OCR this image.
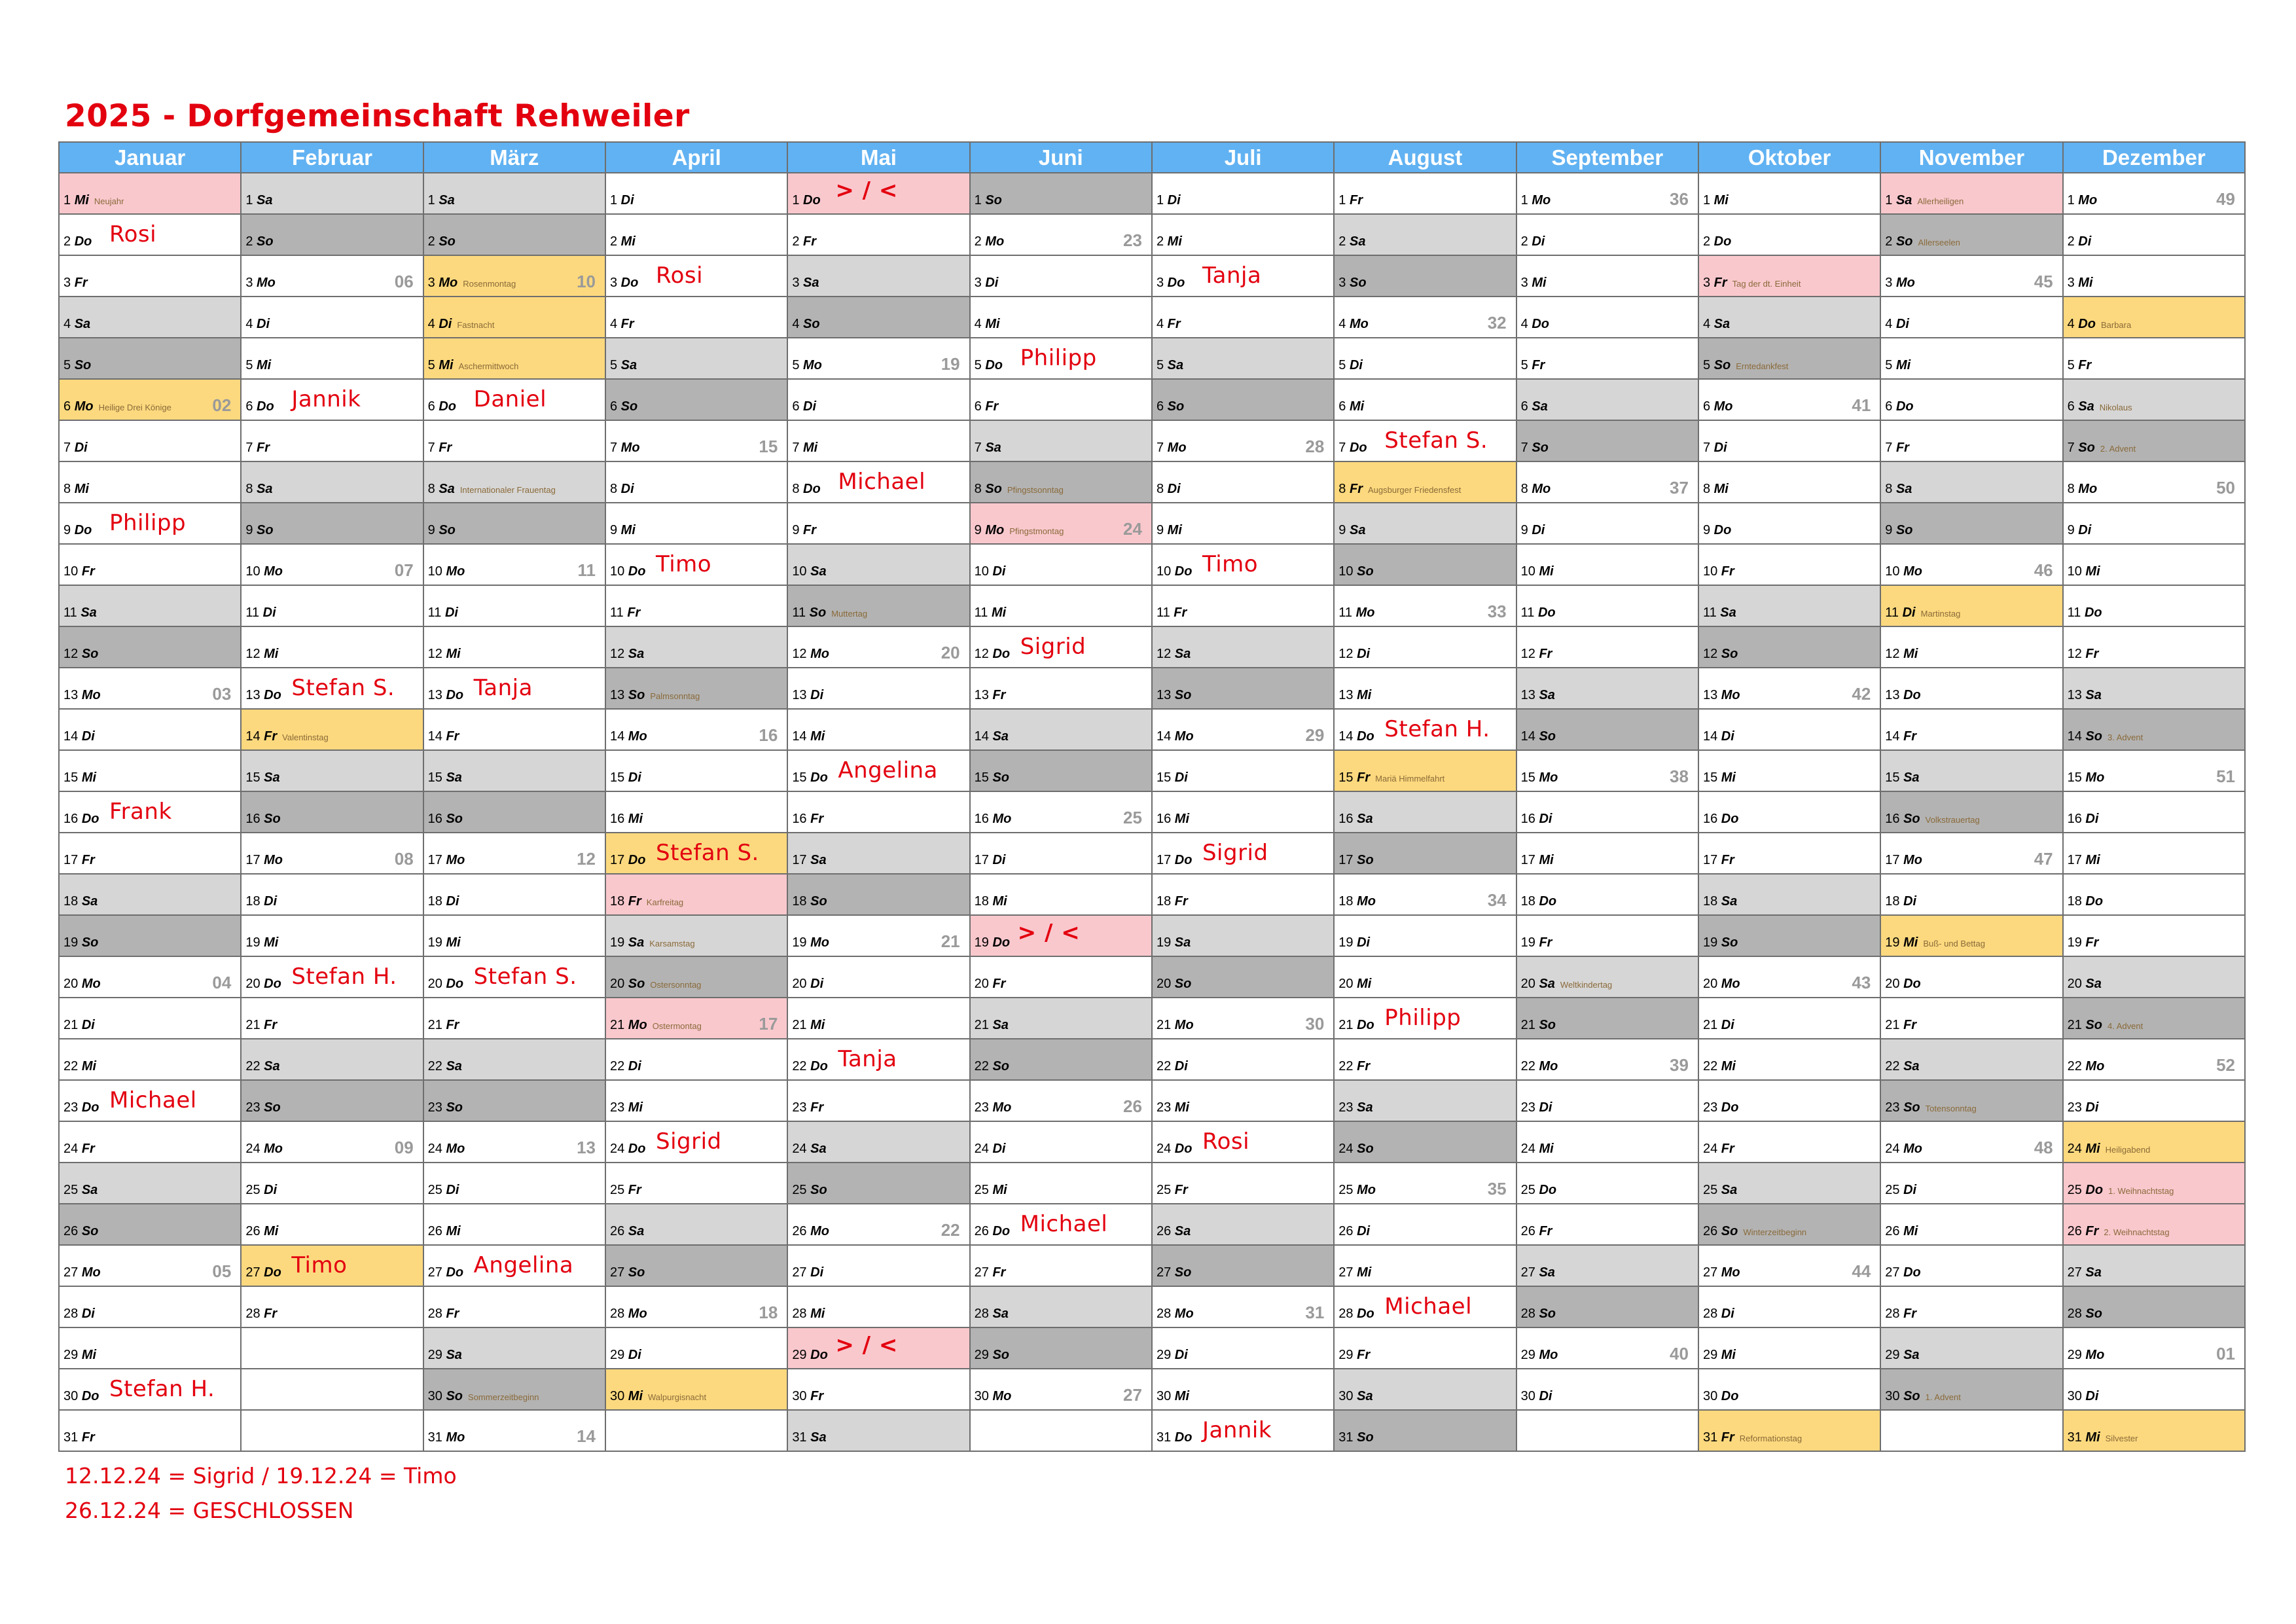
2025 - Dorfgemeinschaft Rehweiler
Januar	Februar	März	April	Mai	Juni	Juli	August	September	Oktober	November	Dezember

1 Mi Neujahr	1 Sa	1 Sa	1 Di	1 Do > / <	1 So	1 Di	1 Fr	1 Mo 36	1 Mi	1 Sa Allerheiligen	1 Mo 49

2 Do Rosi	2 So	2 So	2 Mi	2 Fr	2 Mo 23	2 Mi	2 Sa	2 Di	2 Do	2 So Allerseelen	2 Di

3 Fr	3 Mo 06	3 Mo Rosenmontag 10	3 Do Rosi	3 Sa	3 Di	3 Do Tanja	3 So	3 Mi	3 Fr Tag der dt. Einheit	3 Mo 45	3 Mi

4 Sa	4 Di	4 Di Fastnacht	4 Fr	4 So	4 Mi	4 Fr	4 Mo 32	4 Do	4 Sa	4 Di	4 Do Barbara

5 So	5 Mi	5 Mi Aschermittwoch	5 Sa	5 Mo 19	5 Do Philipp	5 Sa	5 Di	5 Fr	5 So Erntedankfest	5 Mi	5 Fr

6 Mo Heilige Drei Könige 02	6 Do Jannik	6 Do Daniel	6 So	6 Di	6 Fr	6 So	6 Mi	6 Sa	6 Mo 41	6 Do	6 Sa Nikolaus

7 Di	7 Fr	7 Fr	7 Mo 15	7 Mi	7 Sa	7 Mo 28	7 Do Stefan S.	7 So	7 Di	7 Fr	7 So 2. Advent

8 Mi	8 Sa	8 Sa Internationaler Frauentag	8 Di	8 Do Michael	8 So Pfingstsonntag	8 Di	8 Fr Augsburger Friedensfest	8 Mo 37	8 Mi	8 Sa	8 Mo 50

9 Do Philipp	9 So	9 So	9 Mi	9 Fr	9 Mo Pfingstmontag 24	9 Mi	9 Sa	9 Di	9 Do	9 So	9 Di

10 Fr	10 Mo 07	10 Mo 11	10 Do Timo	10 Sa	10 Di	10 Do Timo	10 So	10 Mi	10 Fr	10 Mo 46	10 Mi

11 Sa	11 Di	11 Di	11 Fr	11 So Muttertag	11 Mi	11 Fr	11 Mo 33	11 Do	11 Sa	11 Di Martinstag	11 Do

12 So	12 Mi	12 Mi	12 Sa	12 Mo 20	12 Do Sigrid	12 Sa	12 Di	12 Fr	12 So	12 Mi	12 Fr

13 Mo 03	13 Do Stefan S.	13 Do Tanja	13 So Palmsonntag	13 Di	13 Fr	13 So	13 Mi	13 Sa	13 Mo 42	13 Do	13 Sa

14 Di	14 Fr Valentinstag	14 Fr	14 Mo 16	14 Mi	14 Sa	14 Mo 29	14 Do Stefan H.	14 So	14 Di	14 Fr	14 So 3. Advent

15 Mi	15 Sa	15 Sa	15 Di	15 Do Angelina	15 So	15 Di	15 Fr Mariä Himmelfahrt	15 Mo 38	15 Mi	15 Sa	15 Mo 51

16 Do Frank	16 So	16 So	16 Mi	16 Fr	16 Mo 25	16 Mi	16 Sa	16 Di	16 Do	16 So Volkstrauertag	16 Di

17 Fr	17 Mo 08	17 Mo 12	17 Do Stefan S.	17 Sa	17 Di	17 Do Sigrid	17 So	17 Mi	17 Fr	17 Mo 47	17 Mi

18 Sa	18 Di	18 Di	18 Fr Karfreitag	18 So	18 Mi	18 Fr	18 Mo 34	18 Do	18 Sa	18 Di	18 Do

19 So	19 Mi	19 Mi	19 Sa Karsamstag	19 Mo 21	19 Do > / <	19 Sa	19 Di	19 Fr	19 So	19 Mi Buß- und Bettag	19 Fr

20 Mo 04	20 Do Stefan H.	20 Do Stefan S.	20 So Ostersonntag	20 Di	20 Fr	20 So	20 Mi	20 Sa Weltkindertag	20 Mo 43	20 Do	20 Sa

21 Di	21 Fr	21 Fr	21 Mo Ostermontag 17	21 Mi	21 Sa	21 Mo 30	21 Do Philipp	21 So	21 Di	21 Fr	21 So 4. Advent

22 Mi	22 Sa	22 Sa	22 Di	22 Do Tanja	22 So	22 Di	22 Fr	22 Mo 39	22 Mi	22 Sa	22 Mo 52

23 Do Michael	23 So	23 So	23 Mi	23 Fr	23 Mo 26	23 Mi	23 Sa	23 Di	23 Do	23 So Totensonntag	23 Di

24 Fr	24 Mo 09	24 Mo 13	24 Do Sigrid	24 Sa	24 Di	24 Do Rosi	24 So	24 Mi	24 Fr	24 Mo 48	24 Mi Heiligabend

25 Sa	25 Di	25 Di	25 Fr	25 So	25 Mi	25 Fr	25 Mo 35	25 Do	25 Sa	25 Di	25 Do 1. Weihnachtstag

26 So	26 Mi	26 Mi	26 Sa	26 Mo 22	26 Do Michael	26 Sa	26 Di	26 Fr	26 So Winterzeitbeginn	26 Mi	26 Fr 2. Weihnachtstag

27 Mo 05	27 Do Timo	27 Do Angelina	27 So	27 Di	27 Fr	27 So	27 Mi	27 Sa	27 Mo 44	27 Do	27 Sa

28 Di	28 Fr	28 Fr	28 Mo 18	28 Mi	28 Sa	28 Mo 31	28 Do Michael	28 So	28 Di	28 Fr	28 So

29 Mi		29 Sa	29 Di	29 Do > / <	29 So	29 Di	29 Fr	29 Mo 40	29 Mi	29 Sa	29 Mo 01

30 Do Stefan H.		30 So Sommerzeitbeginn	30 Mi Walpurgisnacht	30 Fr	30 Mo 27	30 Mi	30 Sa	30 Di	30 Do	30 So 1. Advent	30 Di

31 Fr		31 Mo 14		31 Sa		31 Do Jannik	31 So		31 Fr Reformationstag		31 Mi Silvester
12.12.24 = Sigrid / 19.12.24 = Timo
26.12.24 = GESCHLOSSEN
